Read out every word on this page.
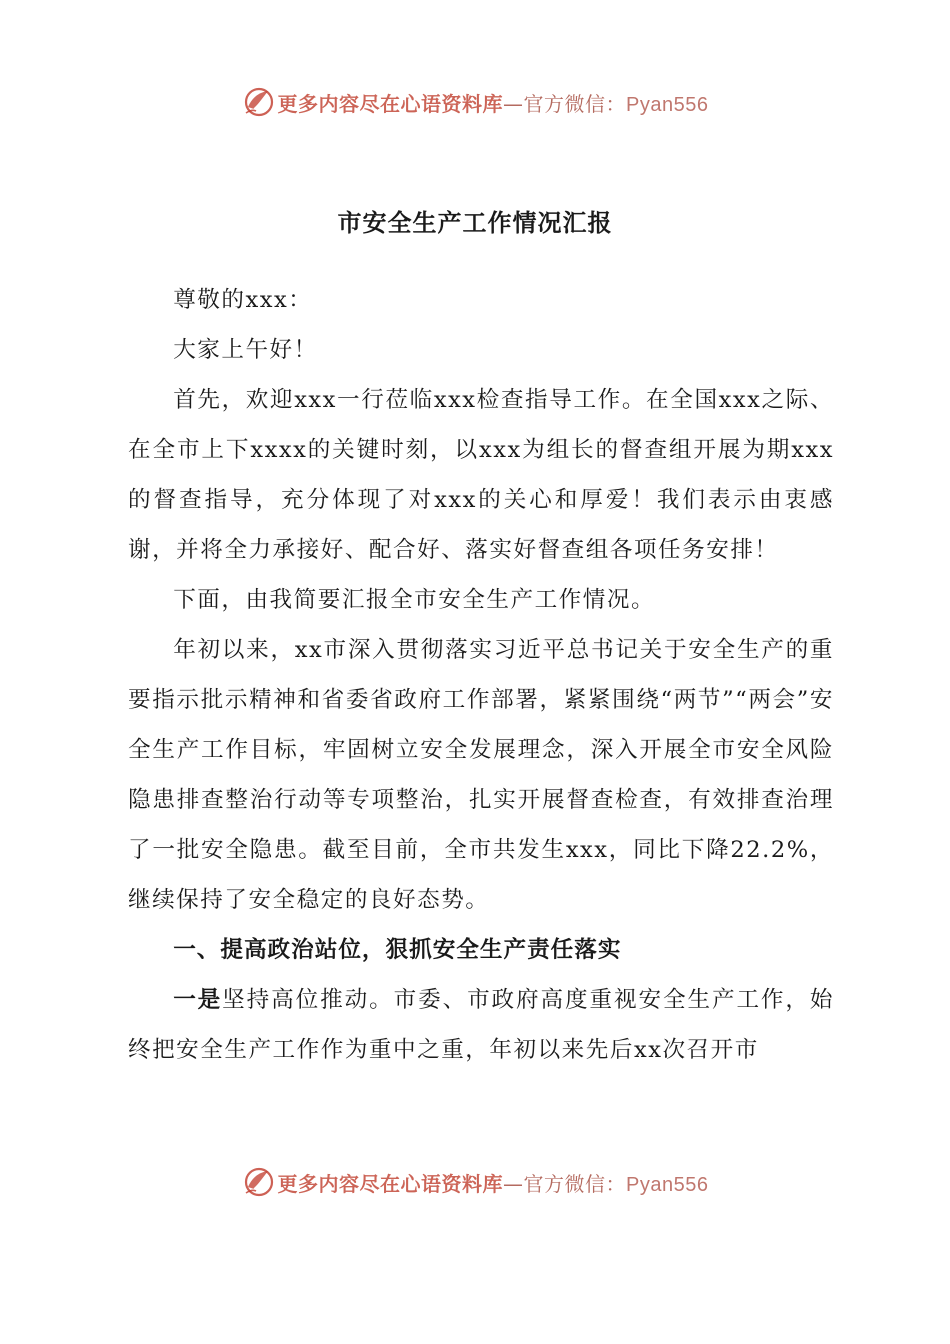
更多内容尽在心语资料库—官方微信：Pyan556
市安全生产工作情况汇报

尊敬的xxx：

大家上午好！

首先，欢迎xxx一行莅临xxx检查指导工作。在全国xxx之际、在全市上下xxxx的关键时刻，以xxx为组长的督查组开展为期xxx的督查指导，充分体现了对xxx的关心和厚爱！我们表示由衷感谢，并将全力承接好、配合好、落实好督查组各项任务安排！

下面，由我简要汇报全市安全生产工作情况。

年初以来，xx市深入贯彻落实习近平总书记关于安全生产的重要指示批示精神和省委省政府工作部署，紧紧围绕“两节”“两会”安全生产工作目标，牢固树立安全发展理念，深入开展全市安全风险隐患排查整治行动等专项整治，扎实开展督查检查，有效排查治理了一批安全隐患。截至目前，全市共发生xxx，同比下降22.2%，继续保持了安全稳定的良好态势。

一、提高政治站位，狠抓安全生产责任落实

一是坚持高位推动。市委、市政府高度重视安全生产工作，始终把安全生产工作作为重中之重，年初以来先后xx次召开市

更多内容尽在心语资料库—官方微信：Pyan556
